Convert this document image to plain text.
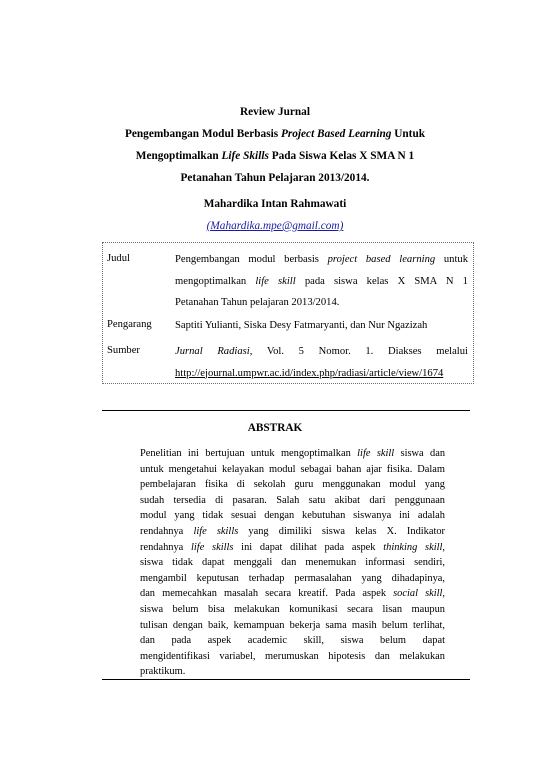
Review Jurnal
Pengembangan Modul Berbasis Project Based Learning Untuk
Mengoptimalkan Life Skills Pada Siswa Kelas X SMA N 1
Petanahan Tahun Pelajaran 2013/2014.
Mahardika Intan Rahmawati
(Mahardika.mpe@gmail.com)
Judul	Pengembangan modul berbasis project based learning untuk
mengoptimalkan life skill pada siswa kelas X SMA N 1
Petanahan Tahun pelajaran 2013/2014.
Pengarang Saptiti Yulianti, Siska Desy Fatmaryanti, dan Nur Ngazizah
Sumber	Jurnal Radiasi, Vol. 5 Nomor. 1. Diakses melalui
http://ejournal.umpwr.ac.id/index.php/radiasi/article/view/1674
ABSTRAK
Penelitian ini bertujuan untuk mengoptimalkan life skill siswa dan
untuk mengetahui kelayakan modul sebagai bahan ajar fisika. Dalam
pembelajaran fisika di sekolah guru menggunakan modul yang
sudah tersedia di pasaran. Salah satu akibat dari penggunaan
modul yang tidak sesuai dengan kebutuhan siswanya ini adalah
rendahnya life skills yang dimiliki siswa kelas X. Indikator
rendahnya life skills ini dapat dilihat pada aspek thinking skill,
siswa tidak dapat menggali dan menemukan informasi sendiri,
mengambil keputusan terhadap permasalahan yang dihadapinya,
dan memecahkan masalah secara kreatif. Pada aspek social skill,
siswa belum bisa melakukan komunikasi secara lisan maupun
tulisan dengan baik, kemampuan bekerja sama masih belum terlihat,
dan pada aspek academic skill, siswa belum dapat
mengidentifikasi variabel, merumuskan hipotesis dan melakukan
praktikum.
